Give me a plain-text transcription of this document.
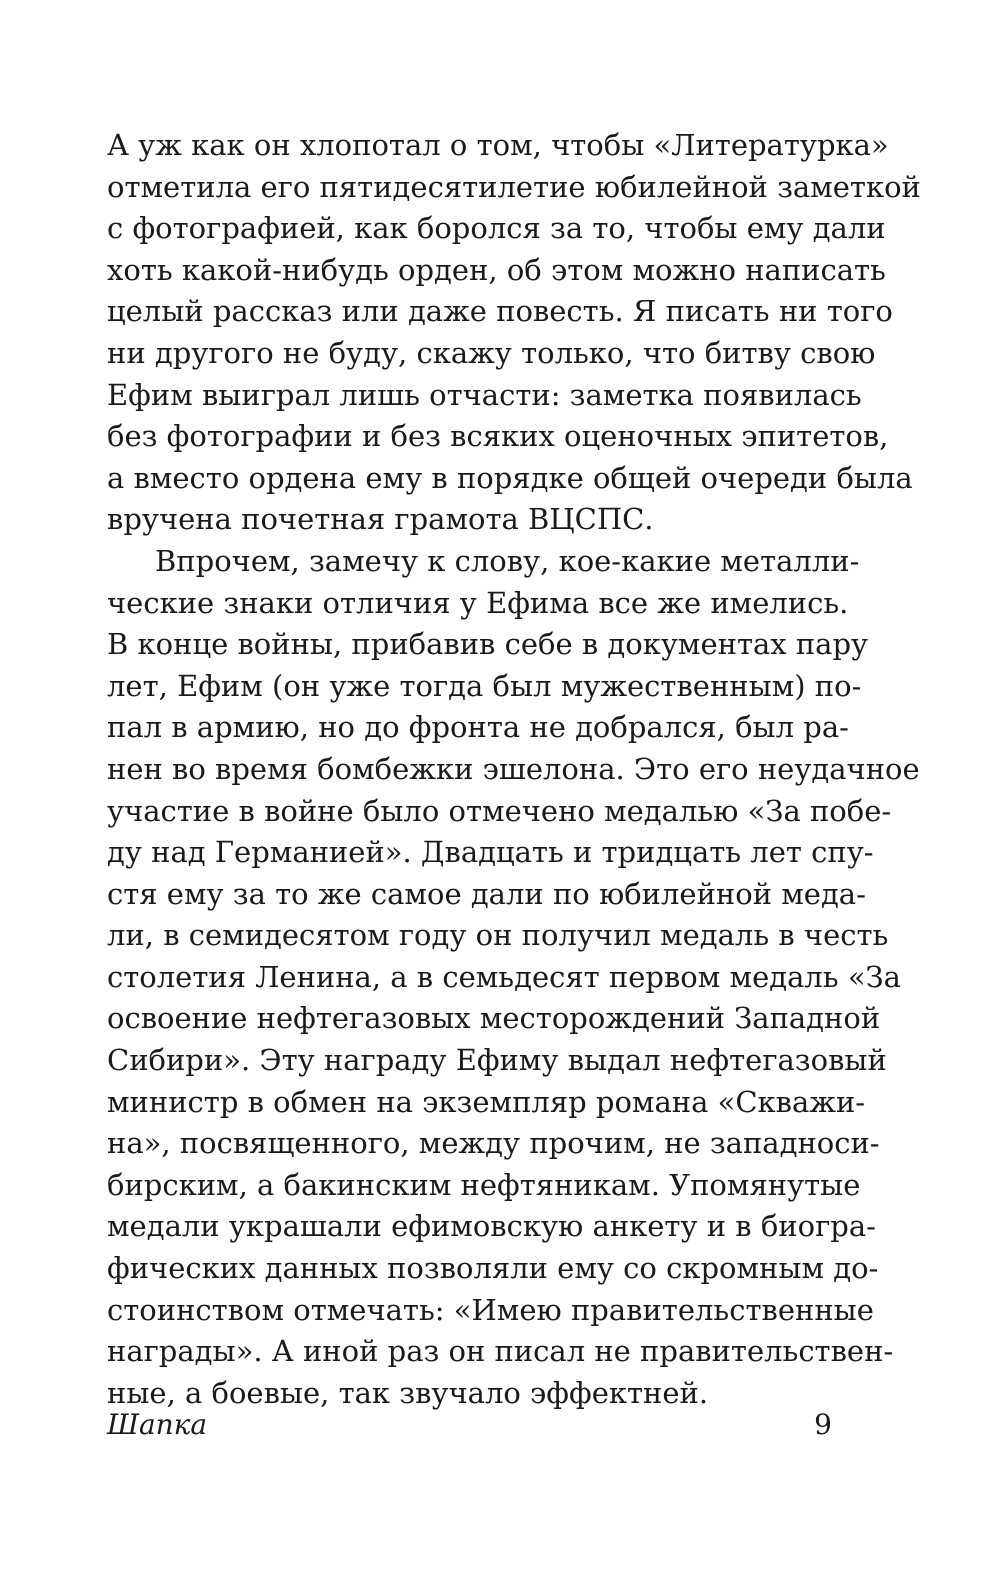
А уж как он хлопотал о том, чтобы «Литературка»
отметила его пятидесятилетие юбилейной заметкой
с фотографией, как боролся за то, чтобы ему дали
хоть какой-нибудь орден, об этом можно написать
целый рассказ или даже повесть. Я писать ни того
ни другого не буду, скажу только, что битву свою
Ефим выиграл лишь отчасти: заметка появилась
без фотографии и без всяких оценочных эпитетов,
а вместо ордена ему в порядке общей очереди была
вручена почетная грамота ВЦСПС.
Впрочем, замечу к слову, кое-какие металли-
ческие знаки отличия у Ефима все же имелись.
В конце войны, прибавив себе в документах пару
лет, Ефим (он уже тогда был мужественным) по-
пал в армию, но до фронта не добрался, был ра-
нен во время бомбежки эшелона. Это его неудачное
участие в войне было отмечено медалью «За побе-
ду над Германией». Двадцать и тридцать лет спу-
стя ему за то же самое дали по юбилейной меда-
ли, в семидесятом году он получил медаль в честь
столетия Ленина, а в семьдесят первом медаль «За
освоение нефтегазовых месторождений Западной
Сибири». Эту награду Ефиму выдал нефтегазовый
министр в обмен на экземпляр романа «Скважи-
на», посвященного, между прочим, не западноси-
бирским, а бакинским нефтяникам. Упомянутые
медали украшали ефимовскую анкету и в биогра-
фических данных позволяли ему со скромным до-
стоинством отмечать: «Имею правительственные
награды». А иной раз он писал не правительствен-
ные, а боевые, так звучало эффектней.
Шапка	9
